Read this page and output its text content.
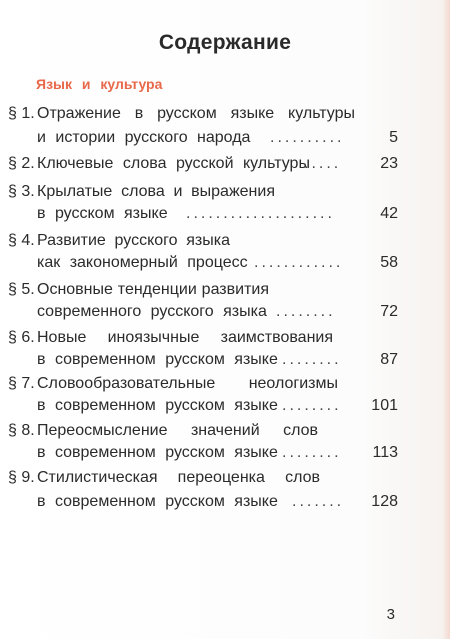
Содержание
Язык и культура
§ 1. Отражение в русском языке культуры
и истории русского народа ..........	5
§ 2. Ключевые слова русской культуры
.....	23
§ 3. Крылатые слова и выражения
в русском языке ....................	42
§ 4. Развитие русского языка
как закономерный процесс ............	58
§ 5. Основные тенденции развития
современного русского языка ........	72
§ 6. Новые иноязычные заимствования
в современном русском языке ........	87
§ 7. Словообразовательные неологизмы
в современном русском языке ........	101
§ 8. Переосмысление значений слов
в современном русском языке ........	113
§ 9. Стилистическая переоценка слов
в современном русском языке .......	128
3
